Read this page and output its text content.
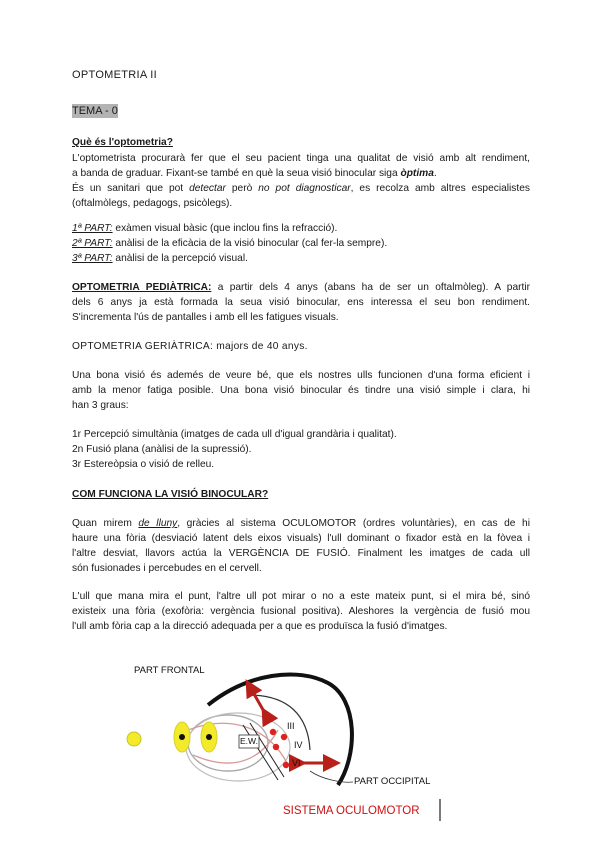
OPTOMETRIA II
TEMA - 0
Què és l'optometria?
L'optometrista procurarà fer que el seu pacient tinga una qualitat de visió amb alt rendiment,
a banda de graduar. Fixant-se també en què la seua visió binocular siga òptima.
És un sanitari que pot detectar però no pot diagnosticar, es recolza amb altres especialistes
(oftalmòlegs, pedagogs, psicòlegs).
1ª PART: exàmen visual bàsic (que inclou fins la refracció).
2ª PART: anàlisi de la eficàcia de la visió binocular (cal fer-la sempre).
3ª PART: anàlisi de la percepció visual.
OPTOMETRIA PEDIÀTRICA: a partir dels 4 anys (abans ha de ser un oftalmòleg). A partir
dels 6 anys ja està formada la seua visió binocular, ens interessa el seu bon rendiment.
S'incrementa l'ús de pantalles i amb ell les fatigues visuals.
OPTOMETRIA GERIÀTRICA: majors de 40 anys.
Una bona visió és ademés de veure bé, que els nostres ulls funcionen d'una forma eficient i
amb la menor fatiga posible. Una bona visió binocular és tindre una visió simple i clara, hi
han 3 graus:
1r Percepció simultània (imatges de cada ull d'igual grandària i qualitat).
2n Fusió plana (anàlisi de la supressió).
3r Estereòpsia o visió de relleu.
COM FUNCIONA LA VISIÓ BINOCULAR?
Quan mirem de lluny, gràcies al sistema OCULOMOTOR (ordres voluntàries), en cas de hi
haure una fòria (desviació latent dels eixos visuals) l'ull dominant o fixador està en la fòvea i
l'altre desviat, llavors actúa la VERGÈNCIA DE FUSIÓ. Finalment les imatges de cada ull
són fusionades i percebudes en el cervell.
L'ull que mana mira el punt, l'altre ull pot mirar o no a este mateix punt, si el mira bé, sinó
existeix una fòria (exofòria: vergència fusional positiva). Aleshores la vergència de fusió mou
l'ull amb fòria cap a la direcció adequada per a que es produïsca la fusió d'imatges.
PART FRONTAL
PART OCCIPITAL
E.W.
III
IV
VI
SISTEMA OCULOMOTOR
